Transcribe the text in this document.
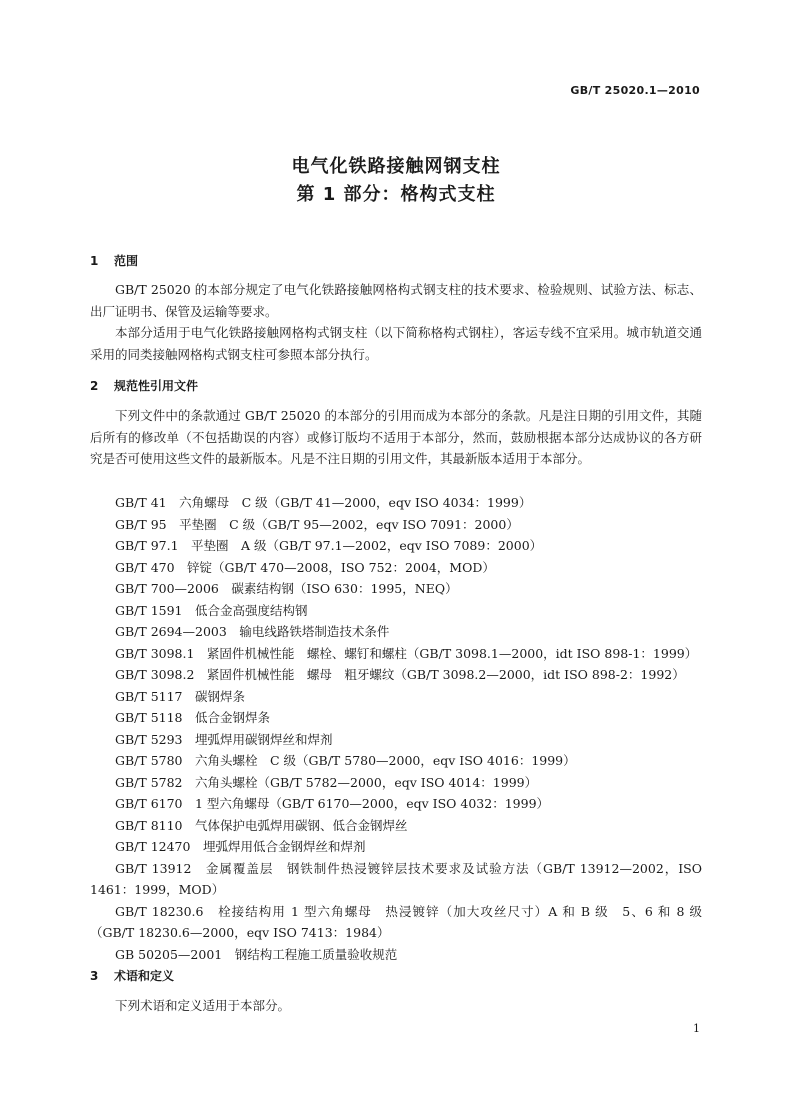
GB/T 25020.1—2010
电气化铁路接触网钢支柱
第 1 部分：格构式支柱
1 范围
GB/T 25020 的本部分规定了电气化铁路接触网格构式钢支柱的技术要求、检验规则、试验方法、标志、出厂证明书、保管及运输等要求。
本部分适用于电气化铁路接触网格构式钢支柱（以下简称格构式钢柱），客运专线不宜采用。城市轨道交通采用的同类接触网格构式钢支柱可参照本部分执行。
2 规范性引用文件
下列文件中的条款通过 GB/T 25020 的本部分的引用而成为本部分的条款。凡是注日期的引用文件，其随后所有的修改单（不包括勘误的内容）或修订版均不适用于本部分，然而，鼓励根据本部分达成协议的各方研究是否可使用这些文件的最新版本。凡是不注日期的引用文件，其最新版本适用于本部分。
GB/T 41　六角螺母　C 级（GB/T 41—2000，eqv ISO 4034：1999）
GB/T 95　平垫圈　C 级（GB/T 95—2002，eqv ISO 7091：2000）
GB/T 97.1　平垫圈　A 级（GB/T 97.1—2002，eqv ISO 7089：2000）
GB/T 470　锌锭（GB/T 470—2008，ISO 752：2004，MOD）
GB/T 700—2006　碳素结构钢（ISO 630：1995，NEQ）
GB/T 1591　低合金高强度结构钢
GB/T 2694—2003　输电线路铁塔制造技术条件
GB/T 3098.1　紧固件机械性能　螺栓、螺钉和螺柱（GB/T 3098.1—2000，idt ISO 898-1：1999）
GB/T 3098.2　紧固件机械性能　螺母　粗牙螺纹（GB/T 3098.2—2000，idt ISO 898-2：1992）
GB/T 5117　碳钢焊条
GB/T 5118　低合金钢焊条
GB/T 5293　埋弧焊用碳钢焊丝和焊剂
GB/T 5780　六角头螺栓　C 级（GB/T 5780—2000，eqv ISO 4016：1999）
GB/T 5782　六角头螺栓（GB/T 5782—2000，eqv ISO 4014：1999）
GB/T 6170　1 型六角螺母（GB/T 6170—2000，eqv ISO 4032：1999）
GB/T 8110　气体保护电弧焊用碳钢、低合金钢焊丝
GB/T 12470　埋弧焊用低合金钢焊丝和焊剂
GB/T 13912　金属覆盖层　钢铁制件热浸镀锌层技术要求及试验方法（GB/T 13912—2002，ISO 1461：1999，MOD）
GB/T 18230.6　栓接结构用 1 型六角螺母　热浸镀锌（加大攻丝尺寸）A 和 B 级　5、6 和 8 级（GB/T 18230.6—2000，eqv ISO 7413：1984）
GB 50205—2001　钢结构工程施工质量验收规范
3 术语和定义
下列术语和定义适用于本部分。
1
